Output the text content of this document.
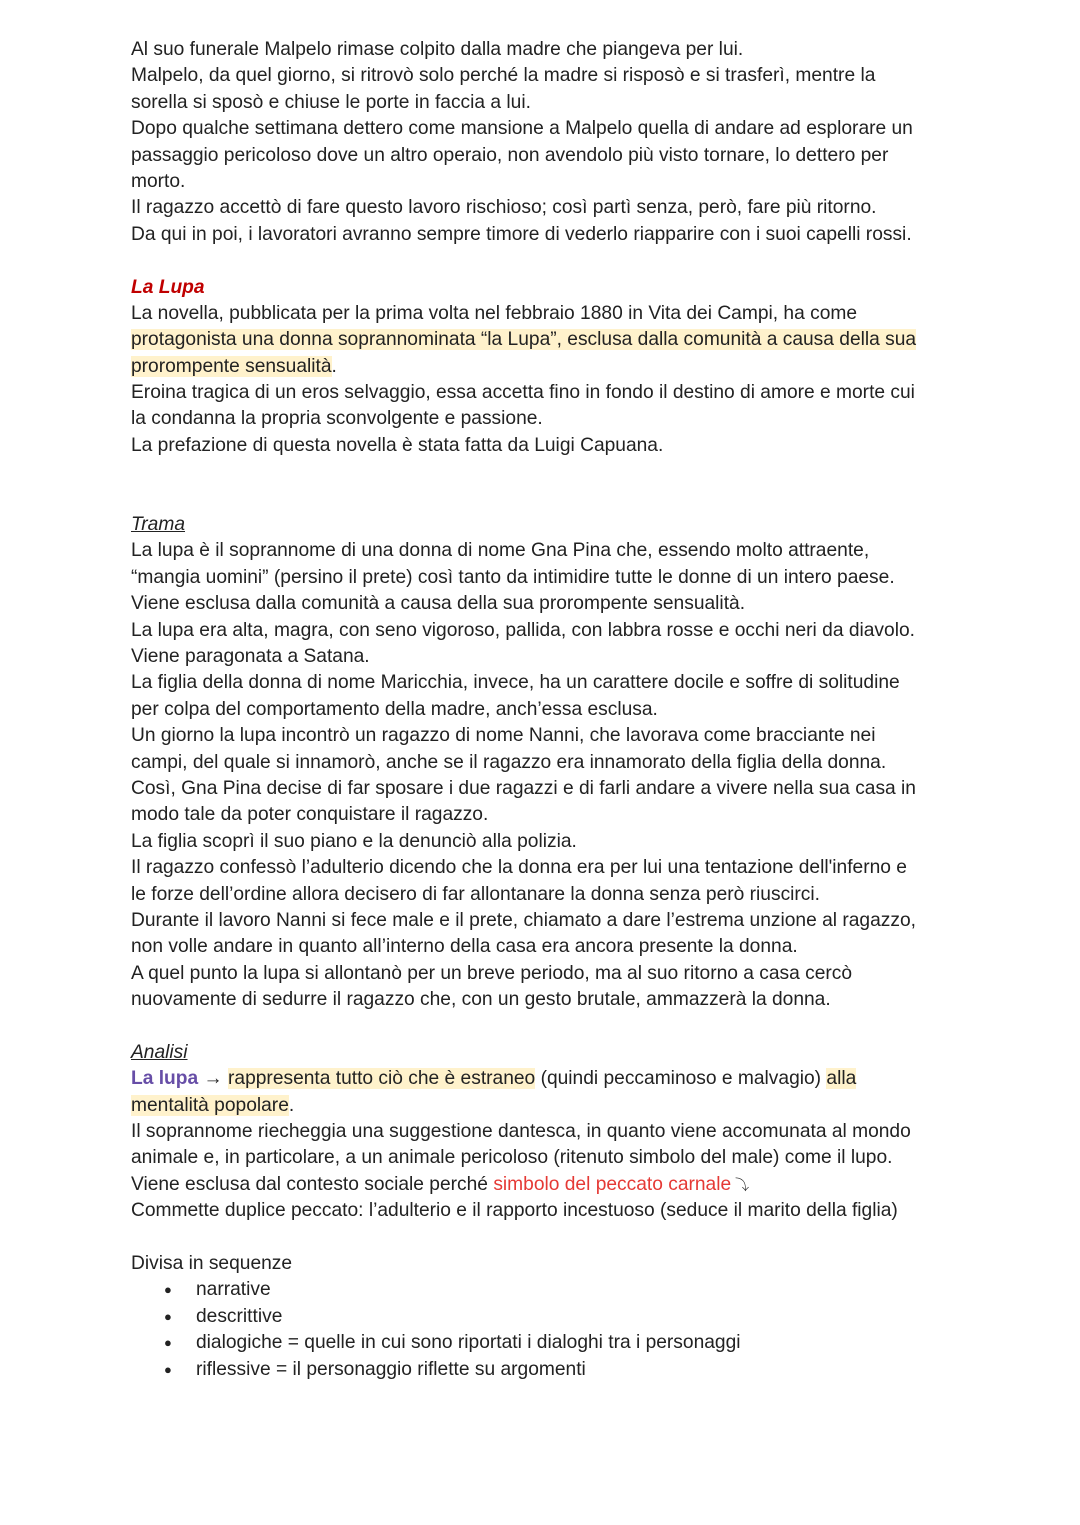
Al suo funerale Malpelo rimase colpito dalla madre che piangeva per lui.
Malpelo, da quel giorno, si ritrovò solo perché la madre si risposò e si trasferì, mentre la
sorella si sposò e chiuse le porte in faccia a lui.
Dopo qualche settimana dettero come mansione a Malpelo quella di andare ad esplorare un
passaggio pericoloso dove un altro operaio, non avendolo più visto tornare, lo dettero per
morto.
Il ragazzo accettò di fare questo lavoro rischioso; così partì senza, però, fare più ritorno.
Da qui in poi, i lavoratori avranno sempre timore di vederlo riapparire con i suoi capelli rossi.
La Lupa
La novella, pubblicata per la prima volta nel febbraio 1880 in Vita dei Campi, ha come
protagonista una donna soprannominata “la Lupa”, esclusa dalla comunità a causa della sua
prorompente sensualità.
Eroina tragica di un eros selvaggio, essa accetta fino in fondo il destino di amore e morte cui
la condanna la propria sconvolgente e passione.
La prefazione di questa novella è stata fatta da Luigi Capuana.
Trama
La lupa è il soprannome di una donna di nome Gna Pina che, essendo molto attraente,
“mangia uomini” (persino il prete) così tanto da intimidire tutte le donne di un intero paese.
Viene esclusa dalla comunità a causa della sua prorompente sensualità.
La lupa era alta, magra, con seno vigoroso, pallida, con labbra rosse e occhi neri da diavolo.
Viene paragonata a Satana.
La figlia della donna di nome Maricchia, invece, ha un carattere docile e soffre di solitudine
per colpa del comportamento della madre, anch’essa esclusa.
Un giorno la lupa incontrò un ragazzo di nome Nanni, che lavorava come bracciante nei
campi, del quale si innamorò, anche se il ragazzo era innamorato della figlia della donna.
Così, Gna Pina decise di far sposare i due ragazzi e di farli andare a vivere nella sua casa in
modo tale da poter conquistare il ragazzo.
La figlia scoprì il suo piano e la denunciò alla polizia.
Il ragazzo confessò l’adulterio dicendo che la donna era per lui una tentazione dell'inferno e
le forze dell’ordine allora decisero di far allontanare la donna senza però riuscirci.
Durante il lavoro Nanni si fece male e il prete, chiamato a dare l’estrema unzione al ragazzo,
non volle andare in quanto all’interno della casa era ancora presente la donna.
A quel punto la lupa si allontanò per un breve periodo, ma al suo ritorno a casa cercò
nuovamente di sedurre il ragazzo che, con un gesto brutale, ammazzerà la donna.
Analisi
La lupa → rappresenta tutto ciò che è estraneo (quindi peccaminoso e malvagio) alla
mentalità popolare.
Il soprannome riecheggia una suggestione dantesca, in quanto viene accomunata al mondo
animale e, in particolare, a un animale pericoloso (ritenuto simbolo del male) come il lupo.
Viene esclusa dal contesto sociale perché simbolo del peccato carnale ⤵
Commette duplice peccato: l’adulterio e il rapporto incestuoso (seduce il marito della figlia)
Divisa in sequenze
● narrative
● descrittive
● dialogiche = quelle in cui sono riportati i dialoghi tra i personaggi
● riflessive = il personaggio riflette su argomenti
